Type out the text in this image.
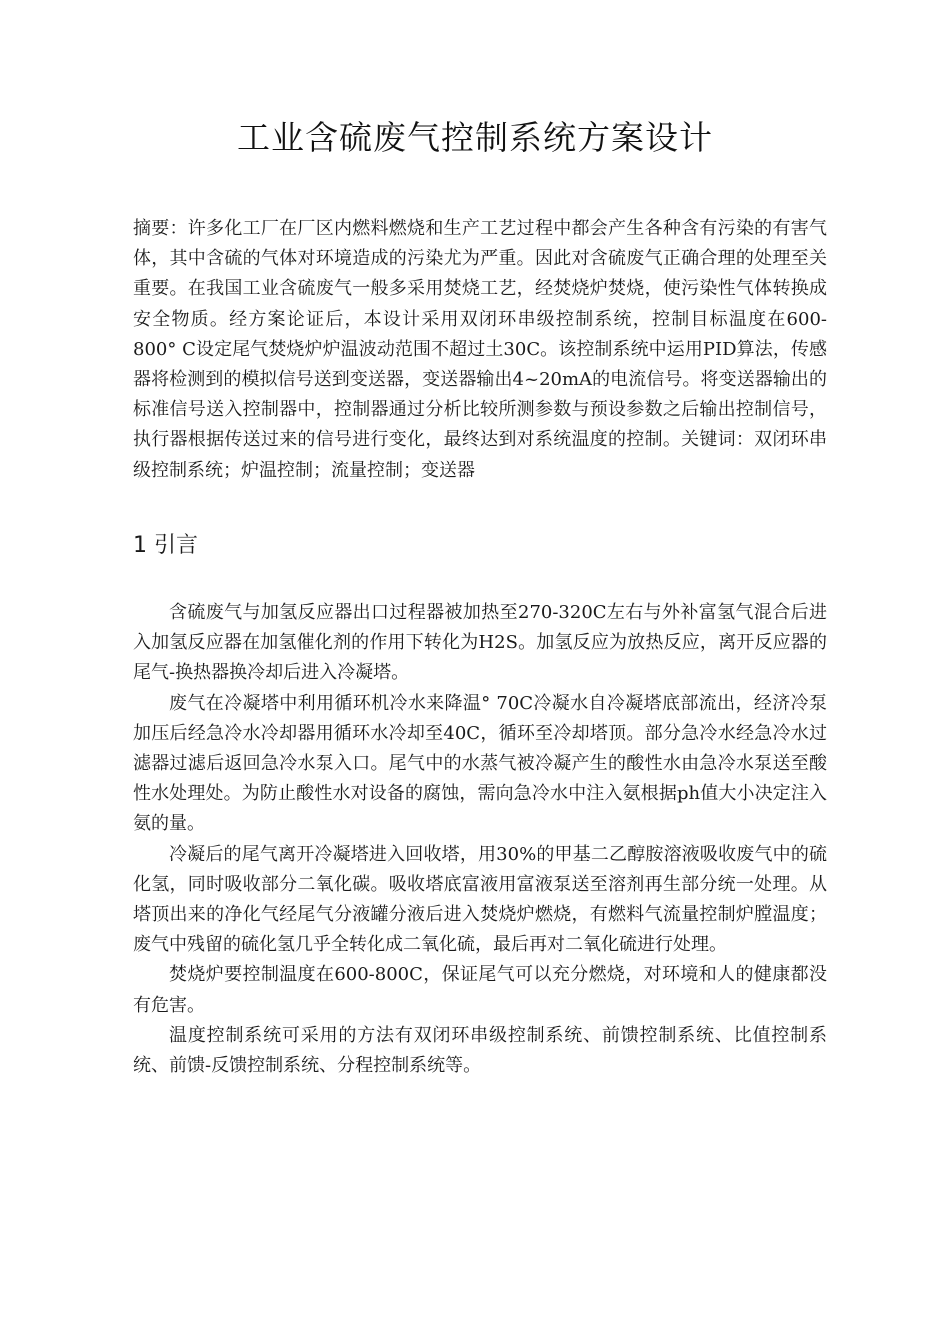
工业含硫废气控制系统方案设计

摘要：许多化工厂在厂区内燃料燃烧和生产工艺过程中都会产生各种含有污染的有害气体，其中含硫的气体对环境造成的污染尤为严重。因此对含硫废气正确合理的处理至关重要。在我国工业含硫废气一般多采用焚烧工艺，经焚烧炉焚烧，使污染性气体转换成安全物质。经方案论证后，本设计采用双闭环串级控制系统，控制目标温度在600-800° C设定尾气焚烧炉炉温波动范围不超过土30C。该控制系统中运用PID算法，传感器将检测到的模拟信号送到变送器，变送器输出4~20mA的电流信号。将变送器输出的标准信号送入控制器中，控制器通过分析比较所测参数与预设参数之后输出控制信号，执行器根据传送过来的信号进行变化，最终达到对系统温度的控制。关键词：双闭环串级控制系统；炉温控制；流量控制；变送器

1 引言

含硫废气与加氢反应器出口过程器被加热至270-320C左右与外补富氢气混合后进入加氢反应器在加氢催化剂的作用下转化为H2S。加氢反应为放热反应，离开反应器的尾气-换热器换冷却后进入冷凝塔。

废气在冷凝塔中利用循环机冷水来降温° 70C冷凝水自冷凝塔底部流出，经济冷泵加压后经急冷水冷却器用循环水冷却至40C，循环至冷却塔顶。部分急冷水经急冷水过滤器过滤后返回急冷水泵入口。尾气中的水蒸气被冷凝产生的酸性水由急冷水泵送至酸性水处理处。为防止酸性水对设备的腐蚀，需向急冷水中注入氨根据ph值大小决定注入氨的量。

冷凝后的尾气离开冷凝塔进入回收塔，用30%的甲基二乙醇胺溶液吸收废气中的硫化氢，同时吸收部分二氧化碳。吸收塔底富液用富液泵送至溶剂再生部分统一处理。从塔顶出来的净化气经尾气分液罐分液后进入焚烧炉燃烧，有燃料气流量控制炉膛温度；废气中残留的硫化氢几乎全转化成二氧化硫，最后再对二氧化硫进行处理。

焚烧炉要控制温度在600-800C，保证尾气可以充分燃烧，对环境和人的健康都没有危害。

温度控制系统可采用的方法有双闭环串级控制系统、前馈控制系统、比值控制系统、前馈-反馈控制系统、分程控制系统等。
